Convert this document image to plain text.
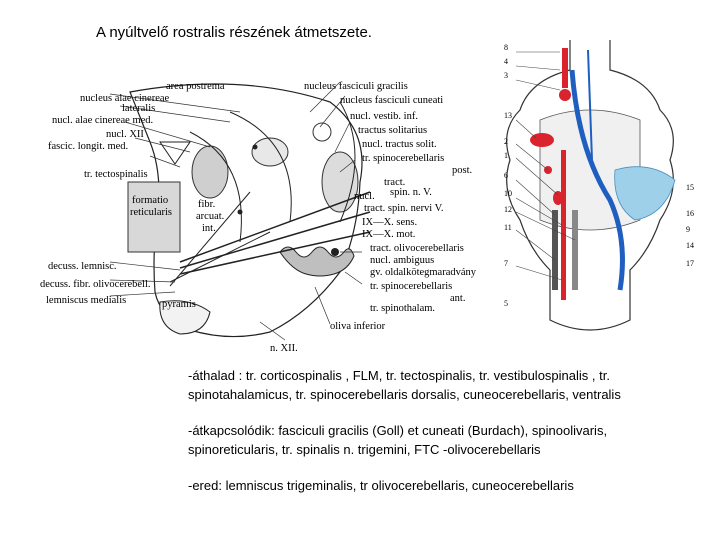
A nyúltvelő rostralis részének átmetszete.
area postrema
nucleus alae cinereae
lateralis
nucl. alae cinereae med.
nucl. XII
fascic. longit. med.
tr. tectospinalis
formatio
reticularis
decuss. lemnisc.
decuss. fibr. olivocerebell.
lemniscus medialis	pyramis
n. XII.
nucleus fasciculi gracilis
nucleus fasciculi cuneati
nucl. vestib. inf.
tractus solitarius
nucl. tractus solit.
tr. spinocerebellaris
post.
tract.
spin. n. V.
nucl.
tract. spin. nervi V.
IX—X. sens.
IX—X. mot.
tract. olivocerebellaris
nucl. ambiguus
gv. oldalkötegmaradvány
tr. spinocerebellaris
ant.
tr. spinothalam.
oliva inferior
fibr.
arcuat.
int.
8
4
3
13
2
1
6
10
12
11
7
15
16
9
14
17
5

-áthalad : tr. corticospinalis , FLM, tr. tectospinalis, tr. vestibulospinalis , tr. spinotahalamicus, tr. spinocerebellaris dorsalis, cuneocerebellaris, ventralis

-átkapcsolódik: fasciculi gracilis (Goll) et cuneati (Burdach), spinoolivaris, spinoreticularis, tr. spinalis n. trigemini, FTC -olivocerebellaris

-ered: lemniscus trigeminalis, tr olivocerebellaris, cuneocerebellaris
